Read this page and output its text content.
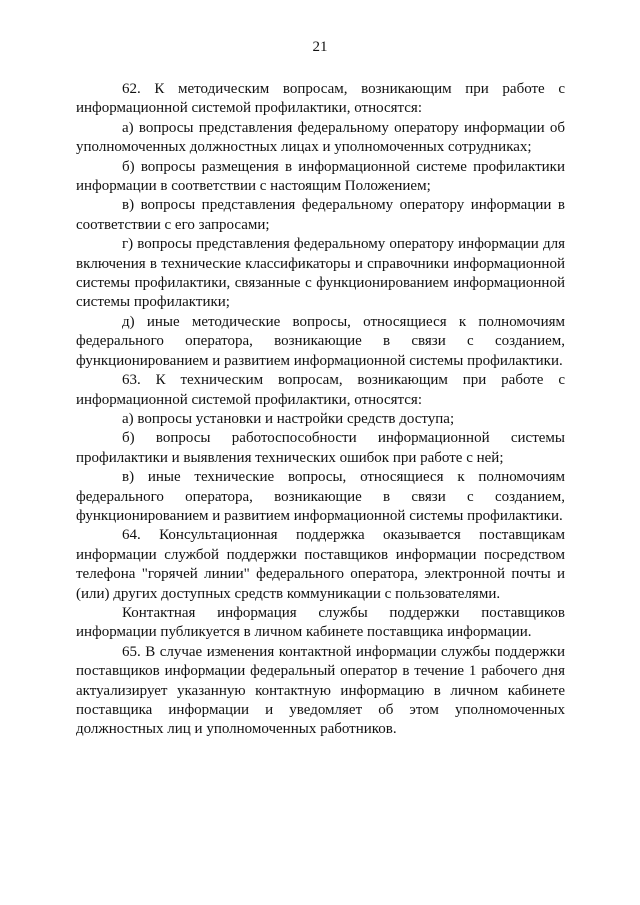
21

62. К методическим вопросам, возникающим при работе с информационной системой профилактики, относятся:

а) вопросы представления федеральному оператору информации об уполномоченных должностных лицах и уполномоченных сотрудниках;

б) вопросы размещения в информационной системе профилактики информации в соответствии с настоящим Положением;

в) вопросы представления федеральному оператору информации в соответствии с его запросами;

г) вопросы представления федеральному оператору информации для включения в технические классификаторы и справочники информационной системы профилактики, связанные с функционированием информационной системы профилактики;

д) иные методические вопросы, относящиеся к полномочиям федерального оператора, возникающие в связи с созданием, функционированием и развитием информационной системы профилактики.

63. К техническим вопросам, возникающим при работе с информационной системой профилактики, относятся:

а) вопросы установки и настройки средств доступа;

б) вопросы работоспособности информационной системы профилактики и выявления технических ошибок при работе с ней;

в) иные технические вопросы, относящиеся к полномочиям федерального оператора, возникающие в связи с созданием, функционированием и развитием информационной системы профилактики.

64. Консультационная поддержка оказывается поставщикам информации службой поддержки поставщиков информации посредством телефона "горячей линии" федерального оператора, электронной почты и (или) других доступных средств коммуникации с пользователями.

Контактная информация службы поддержки поставщиков информации публикуется в личном кабинете поставщика информации.

65. В случае изменения контактной информации службы поддержки поставщиков информации федеральный оператор в течение 1 рабочего дня актуализирует указанную контактную информацию в личном кабинете поставщика информации и уведомляет об этом уполномоченных должностных лиц и уполномоченных работников.
